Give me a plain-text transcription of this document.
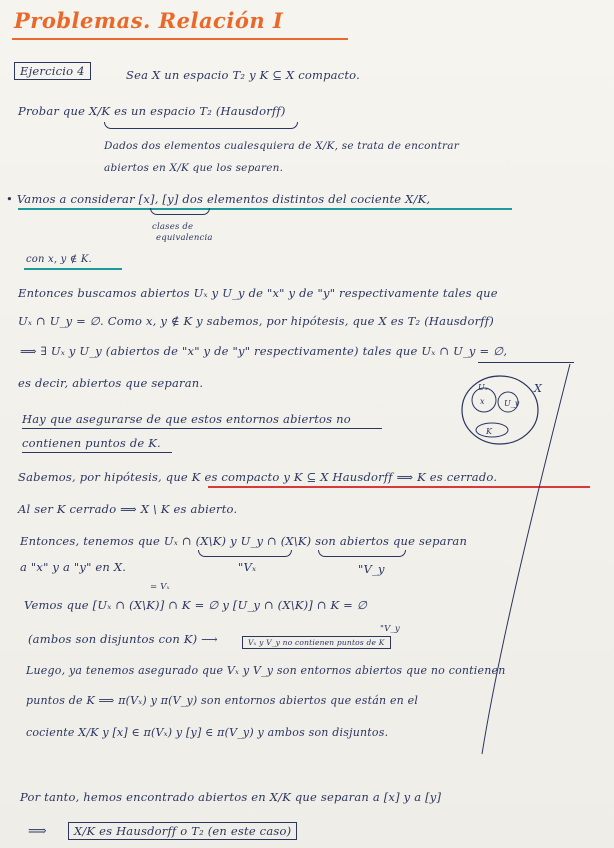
Problemas. Relación I
Ejercicio 4	Sea X un espacio T₂ y K ⊆ X compacto.
Probar que X/K es un espacio T₂ (Hausdorff)
Dados dos elementos cualesquiera de X/K, se trata de encontrar
abiertos en X/K que los separen.
• Vamos a considerar [x], [y] dos elementos distintos del cociente X/K,
clases de
equivalencia
con x, y ∉ K.
Entonces buscamos abiertos Uₓ y U_y de "x" y de "y" respectivamente tales que
Uₓ ∩ U_y = ∅. Como x, y ∉ K y sabemos, por hipótesis, que X es T₂ (Hausdorff)
⟹ ∃ Uₓ y U_y (abiertos de "x" y de "y" respectivamente) tales que Uₓ ∩ U_y = ∅,
es decir, abiertos que separan.	Uₓ
x U_y
K
X
Hay que asegurarse de que estos entornos abiertos no
contienen puntos de K.
Sabemos, por hipótesis, que K es compacto y K ⊆ X Hausdorff ⟹ K es cerrado.
Al ser K cerrado ⟹ X \ K es abierto.
Entonces, tenemos que Uₓ ∩ (X\K) y U_y ∩ (X\K) son abiertos que separan
a "x" y a "y" en X.	"Vₓ	"V_y
= Vₓ
Vemos que [Uₓ ∩ (X\K)] ∩ K = ∅ y [U_y ∩ (X\K)] ∩ K = ∅
"V_y
(ambos son disjuntos con K) ⟶	Vₓ y V_y no contienen puntos de K
Luego, ya tenemos asegurado que Vₓ y V_y son entornos abiertos que no contienen
puntos de K ⟹ π(Vₓ) y π(V_y) son entornos abiertos que están en el
cociente X/K y [x] ∈ π(Vₓ) y [y] ∈ π(V_y) y ambos son disjuntos.
Por tanto, hemos encontrado abiertos en X/K que separan a [x] y a [y]
⟹	X/K es Hausdorff o T₂ (en este caso)
